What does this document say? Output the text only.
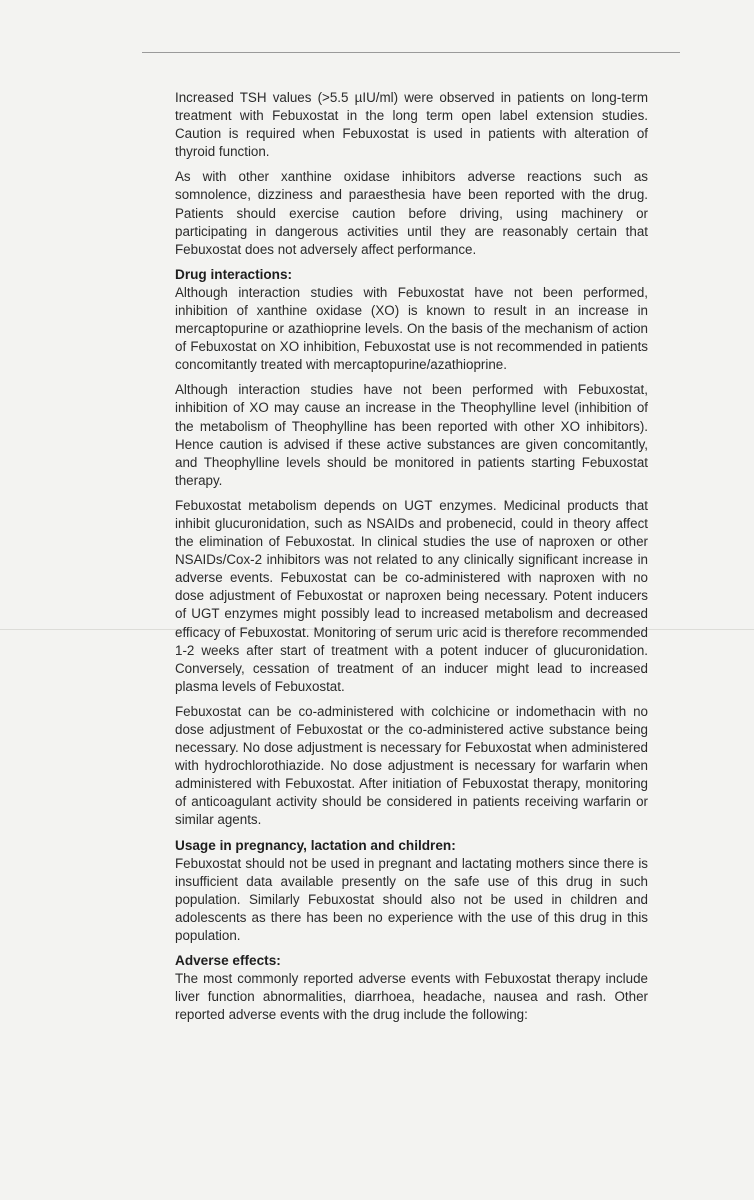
Increased TSH values (>5.5 µIU/ml) were observed in patients on long-term treatment with Febuxostat in the long term open label extension studies. Caution is required when Febuxostat is used in patients with alteration of thyroid function.

As with other xanthine oxidase inhibitors adverse reactions such as somnolence, dizziness and paraesthesia have been reported with the drug. Patients should exercise caution before driving, using machinery or participating in dangerous activities until they are reasonably certain that Febuxostat does not adversely affect performance.

Drug interactions:

Although interaction studies with Febuxostat have not been performed, inhibition of xanthine oxidase (XO) is known to result in an increase in mercaptopurine or azathioprine levels. On the basis of the mechanism of action of Febuxostat on XO inhibition, Febuxostat use is not recommended in patients concomitantly treated with mercaptopurine/azathioprine.

Although interaction studies have not been performed with Febuxostat, inhibition of XO may cause an increase in the Theophylline level (inhibition of the metabolism of Theophylline has been reported with other XO inhibitors). Hence caution is advised if these active substances are given concomitantly, and Theophylline levels should be monitored in patients starting Febuxostat therapy.

Febuxostat metabolism depends on UGT enzymes. Medicinal products that inhibit glucuronidation, such as NSAIDs and probenecid, could in theory affect the elimination of Febuxostat. In clinical studies the use of naproxen or other NSAIDs/Cox-2 inhibitors was not related to any clinically significant increase in adverse events. Febuxostat can be co-administered with naproxen with no dose adjustment of Febuxostat or naproxen being necessary. Potent inducers of UGT enzymes might possibly lead to increased metabolism and decreased efficacy of Febuxostat. Monitoring of serum uric acid is therefore recommended 1-2 weeks after start of treatment with a potent inducer of glucuronidation. Conversely, cessation of treatment of an inducer might lead to increased plasma levels of Febuxostat.

Febuxostat can be co-administered with colchicine or indomethacin with no dose adjustment of Febuxostat or the co-administered active substance being necessary. No dose adjustment is necessary for Febuxostat when administered with hydrochlorothiazide. No dose adjustment is necessary for warfarin when administered with Febuxostat. After initiation of Febuxostat therapy, monitoring of anticoagulant activity should be considered in patients receiving warfarin or similar agents.

Usage in pregnancy, lactation and children:

Febuxostat should not be used in pregnant and lactating mothers since there is insufficient data available presently on the safe use of this drug in such population. Similarly Febuxostat should also not be used in children and adolescents as there has been no experience with the use of this drug in this population.

Adverse effects:

The most commonly reported adverse events with Febuxostat therapy include liver function abnormalities, diarrhoea, headache, nausea and rash. Other reported adverse events with the drug include the following:
